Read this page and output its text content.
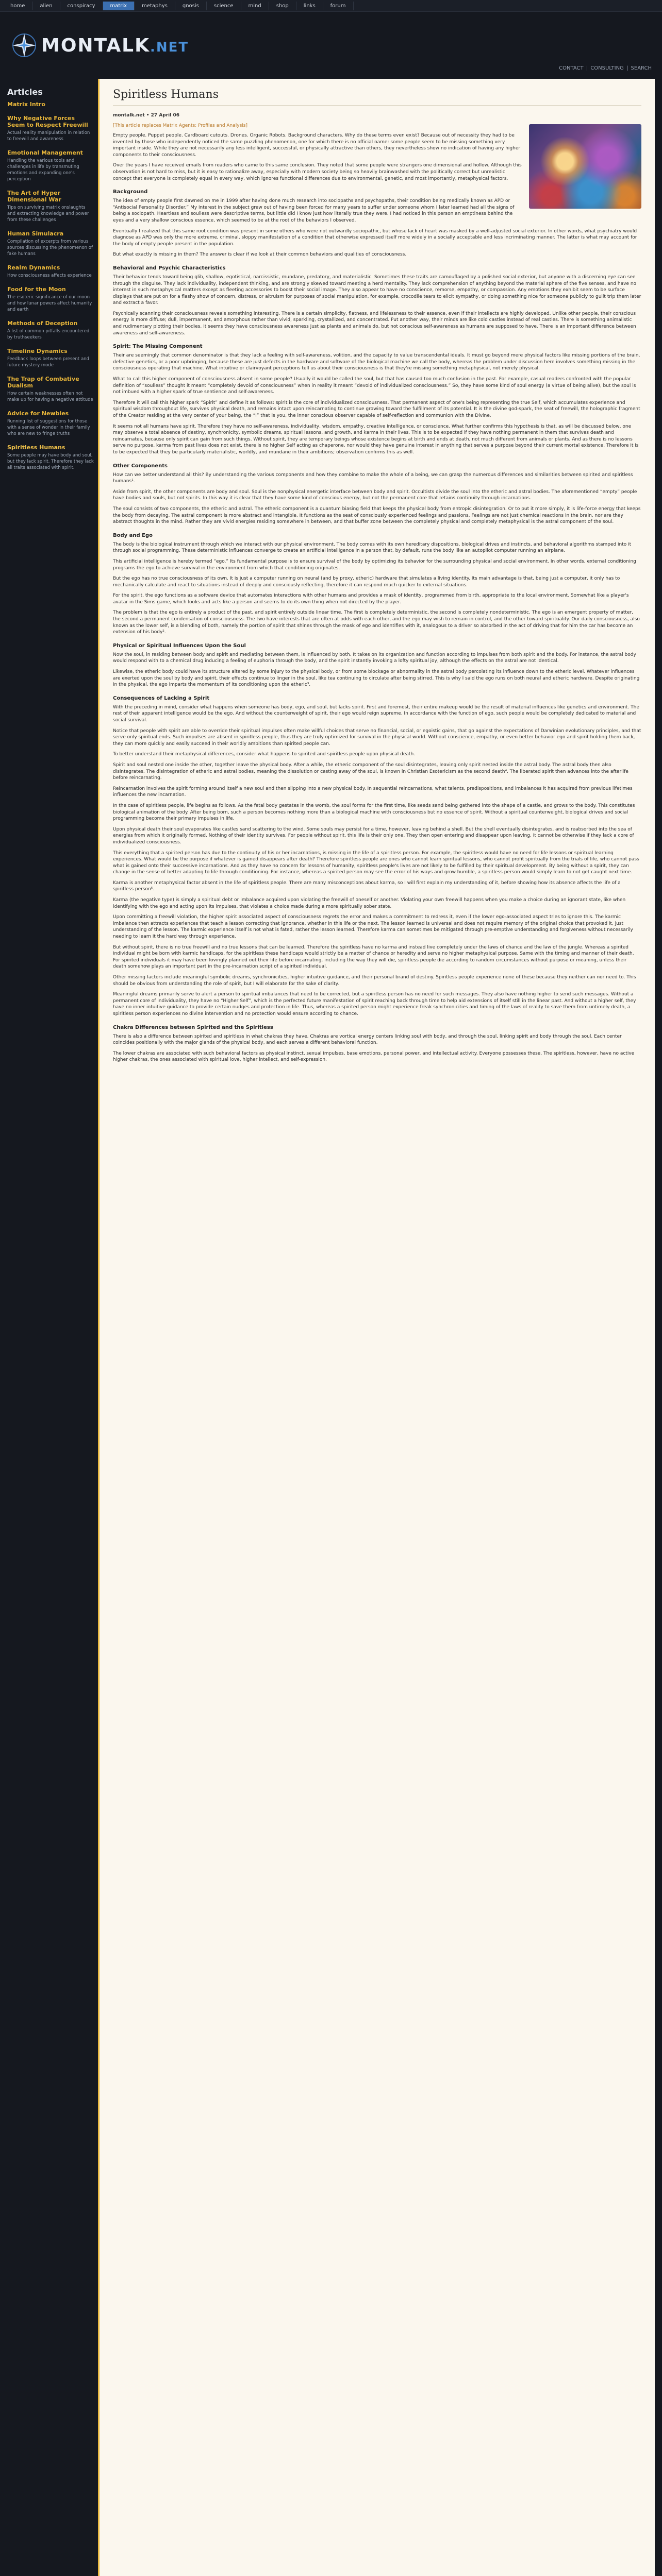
home	alien	conspiracy	matrix	metaphys	gnosis	science	mind	shop	links	forum
MONTALK.NET
CONTACT | CONSULTING | SEARCH
Articles
Matrix Intro
Why Negative Forces Seem to Respect Freewill
Actual reality manipulation in relation to freewill and awareness
Emotional Management
Handling the various tools and challenges in life by transmuting emotions and expanding one's perception
The Art of Hyper Dimensional War
Tips on surviving matrix onslaughts and extracting knowledge and power from these challenges
Human Simulacra
Compilation of excerpts from various sources discussing the phenomenon of fake humans
Realm Dynamics
How consciousness affects experience
Food for the Moon
The esoteric significance of our moon and how lunar powers affect humanity and earth
Methods of Deception
A list of common pitfalls encountered by truthseekers
Timeline Dynamics
Feedback loops between present and future mystery mode
The Trap of Combative Dualism
How certain weaknesses often not make up for having a negative attitude
Advice for Newbies
Running list of suggestions for those with a sense of wonder in their family who are new to fringe truths
Spiritless Humans
Some people may have body and soul, but they lack spirit. Therefore they lack all traits associated with spirit.
Spiritless Humans
montalk.net • 27 April 06
[This article replaces Matrix Agents: Profiles and Analysis]

Empty people. Puppet people. Cardboard cutouts. Drones. Organic Robots. Background characters. Why do these terms even exist? Because out of necessity they had to be invented by those who independently noticed the same puzzling phenomenon, one for which there is no official name: some people seem to be missing something very important inside. While they are not necessarily any less intelligent, successful, or physically attractive than others, they nevertheless show no indication of having any higher components to their consciousness.

Over the years I have received emails from readers who came to this same conclusion. They noted that some people were strangers one dimensional and hollow. Although this observation is not hard to miss, but it is easy to rationalize away, especially with modern society being so heavily brainwashed with the politically correct but unrealistic concept that everyone is completely equal in every way, which ignores functional differences due to environmental, genetic, and most importantly, metaphysical factors.

Background

The idea of empty people first dawned on me in 1999 after having done much research into sociopaths and psychopaths, their condition being medically known as APD or “Antisocial Personality Disorder.” My interest in the subject grew out of having been forced for many years to suffer under someone whom I later learned had all the signs of being a sociopath. Heartless and soulless were descriptive terms, but little did I know just how literally true they were. I had noticed in this person an emptiness behind the eyes and a very shallow conscious essence, which seemed to be at the root of the behaviors I observed.

Eventually I realized that this same root condition was present in some others who were not outwardly sociopathic, but whose lack of heart was masked by a well-adjusted social exterior. In other words, what psychiatry would diagnose as APD was only the more extreme, criminal, sloppy manifestation of a condition that otherwise expressed itself more widely in a socially acceptable and less incriminating manner. The latter is what may account for the body of empty people present in the population.

But what exactly is missing in them? The answer is clear if we look at their common behaviors and qualities of consciousness.

Behavioral and Psychic Characteristics

Their behavior tends toward being glib, shallow, egotistical, narcissistic, mundane, predatory, and materialistic. Sometimes these traits are camouflaged by a polished social exterior, but anyone with a discerning eye can see through the disguise. They lack individuality, independent thinking, and are strongly skewed toward meeting a herd mentality. They lack comprehension of anything beyond the material sphere of the five senses, and have no interest in such metaphysical matters except as fleeting accessories to boost their social image. They also appear to have no conscience, remorse, empathy, or compassion. Any emotions they exhibit seem to be surface displays that are put on for a flashy show of concern, distress, or altruism for purposes of social manipulation, for example, crocodile tears to elicit sympathy, or doing something nice for someone publicly to guilt trip them later and extract a favor.

Psychically scanning their consciousness reveals something interesting. There is a certain simplicity, flatness, and lifelessness to their essence, even if their intellects are highly developed. Unlike other people, their conscious energy is more diffuse; dull, impermanent, and amorphous rather than vivid, sparkling, crystallized, and concentrated. Put another way, their minds are like cold castles instead of real castles. There is something animalistic and rudimentary plotting their bodies. It seems they have consciousness awareness just as plants and animals do, but not conscious self-awareness as humans are supposed to have. There is an important difference between awareness and self-awareness.

Spirit: The Missing Component

Their are seemingly that common denominator is that they lack a feeling with self-awareness, volition, and the capacity to value transcendental ideals. It must go beyond mere physical factors like missing portions of the brain, defective genetics, or a poor upbringing, because these are just defects in the hardware and software of the biological machine we call the body, whereas the problem under discussion here involves something missing in the consciousness operating that machine. What intuitive or clairvoyant perceptions tell us about their consciousness is that they're missing something metaphysical, not merely physical.

What to call this higher component of consciousness absent in some people? Usually it would be called the soul, but that has caused too much confusion in the past. For example, casual readers confronted with the popular definition of “soulless” thought it meant “completely devoid of consciousness” when in reality it meant “devoid of individualized consciousness.” So, they have some kind of soul energy (a virtue of being alive), but the soul is not imbued with a higher spark of true sentience and self-awareness.

Therefore it will call this higher spark “Spirit” and define it as follows: spirit is the core of individualized consciousness. That permanent aspect of one's being representing the true Self, which accumulates experience and spiritual wisdom throughout life, survives physical death, and remains intact upon reincarnating to continue growing toward the fulfillment of its potential. It is the divine god-spark, the seat of freewill, the holographic fragment of the Creator residing at the very center of your being, the “I” that is you, the inner conscious observer capable of self-reflection and communion with the Divine.

It seems not all humans have spirit. Therefore they have no self-awareness, individuality, wisdom, empathy, creative intelligence, or conscience. What further confirms this hypothesis is that, as will be discussed below, one may observe a total absence of destiny, synchronicity, symbolic dreams, spiritual lessons, and growth, and karma in their lives. This is to be expected if they have nothing permanent in them that survives death and reincarnates, because only spirit can gain from such things. Without spirit, they are temporary beings whose existence begins at birth and ends at death, not much different from animals or plants. And as there is no lessons serve no purpose, karma from past lives does not exist, there is no higher Self acting as chaperone, nor would they have genuine interest in anything that serves a purpose beyond their current mortal existence. Therefore it is to be expected that they be particularly materialistic, worldly, and mundane in their ambitions; observation confirms this as well.

Other Components

How can we better understand all this? By understanding the various components and how they combine to make the whole of a being, we can grasp the numerous differences and similarities between spirited and spiritless humans¹.

Aside from spirit, the other components are body and soul. Soul is the nonphysical energetic interface between body and spirit. Occultists divide the soul into the etheric and astral bodies. The aforementioned “empty” people have bodies and souls, but not spirits. In this way it is clear that they have some kind of conscious energy, but not the permanent core that retains continuity through incarnations.

The soul consists of two components, the etheric and astral. The etheric component is a quantum biasing field that keeps the physical body from entropic disintegration. Or to put it more simply, it is life-force energy that keeps the body from decaying. The astral component is more abstract and intangible. It functions as the seat of consciously experienced feelings and passions. Feelings are not just chemical reactions in the brain, nor are they abstract thoughts in the mind. Rather they are vivid energies residing somewhere in between, and that buffer zone between the completely physical and completely metaphysical is the astral component of the soul.

Body and Ego

The body is the biological instrument through which we interact with our physical environment. The body comes with its own hereditary dispositions, biological drives and instincts, and behavioral algorithms stamped into it through social programming. These deterministic influences converge to create an artificial intelligence in a person that, by default, runs the body like an autopilot computer running an airplane.

This artificial intelligence is hereby termed “ego.” Its fundamental purpose is to ensure survival of the body by optimizing its behavior for the surrounding physical and social environment. In other words, external conditioning programs the ego to achieve survival in the environment from which that conditioning originates.

But the ego has no true consciousness of its own. It is just a computer running on neural (and by proxy, etheric) hardware that simulates a living identity. Its main advantage is that, being just a computer, it only has to mechanically calculate and react to situations instead of deeply and consciously reflecting, therefore it can respond much quicker to external situations.

For the spirit, the ego functions as a software device that automates interactions with other humans and provides a mask of identity, programmed from birth, appropriate to the local environment. Somewhat like a player's avatar in the Sims game, which looks and acts like a person and seems to do its own thing when not directed by the player.

The problem is that the ego is entirely a product of the past, and spirit entirely outside linear time. The first is completely deterministic, the second is completely nondeterministic. The ego is an emergent property of matter, the second a permanent condensation of consciousness. The two have interests that are often at odds with each other, and the ego may wish to remain in control, and the other toward spirituality. Our daily consciousness, also known as the lower self, is a blending of both, namely the portion of spirit that shines through the mask of ego and identifies with it, analogous to a driver so absorbed in the act of driving that for him the car has become an extension of his body².

Physical or Spiritual Influences Upon the Soul

Now the soul, in residing between body and spirit and mediating between them, is influenced by both. It takes on its organization and function according to impulses from both spirit and the body. For instance, the astral body would respond with to a chemical drug inducing a feeling of euphoria through the body, and the spirit instantly invoking a lofty spiritual joy, although the effects on the astral are not identical.

Likewise, the etheric body could have its structure altered by some injury to the physical body, or from some blockage or abnormality in the astral body percolating its influence down to the etheric level. Whatever influences are exerted upon the soul by body and spirit, their effects continue to linger in the soul, like tea continuing to circulate after being stirred. This is why I said the ego runs on both neural and etheric hardware. Despite originating in the physical, the ego imparts the momentum of its conditioning upon the etheric³.

Consequences of Lacking a Spirit

With the preceding in mind, consider what happens when someone has body, ego, and soul, but lacks spirit. First and foremost, their entire makeup would be the result of material influences like genetics and environment. The rest of their apparent intelligence would be the ego. And without the counterweight of spirit, their ego would reign supreme. In accordance with the function of ego, such people would be completely dedicated to material and social survival.

Notice that people with spirit are able to override their spiritual impulses often make willful choices that serve no financial, social, or egoistic gains, that go against the expectations of Darwinian evolutionary principles, and that serve only spiritual ends. Such impulses are absent in spiritless people, thus they are truly optimized for survival in the physical world. Without conscience, empathy, or even better behavior ego and spirit holding them back, they can more quickly and easily succeed in their worldly ambitions than spirited people can.

To better understand their metaphysical differences, consider what happens to spirited and spiritless people upon physical death.

Spirit and soul nested one inside the other, together leave the physical body. After a while, the etheric component of the soul disintegrates, leaving only spirit nested inside the astral body. The astral body then also disintegrates. The disintegration of etheric and astral bodies, meaning the dissolution or casting away of the soul, is known in Christian Esotericism as the second death⁴. The liberated spirit then advances into the afterlife before reincarnating.

Reincarnation involves the spirit forming around itself a new soul and then slipping into a new physical body. In sequential reincarnations, what talents, predispositions, and imbalances it has acquired from previous lifetimes influences the new incarnation.

In the case of spiritless people, life begins as follows. As the fetal body gestates in the womb, the soul forms for the first time, like seeds sand being gathered into the shape of a castle, and grows to the body. This constitutes biological animation of the body. After being born, such a person becomes nothing more than a biological machine with consciousness but no essence of spirit. Without a spiritual counterweight, biological drives and social programming become their primary impulses in life.

Upon physical death their soul evaporates like castles sand scattering to the wind. Some souls may persist for a time, however, leaving behind a shell. But the shell eventually disintegrates, and is reabsorbed into the sea of energies from which it originally formed. Nothing of their identity survives. For people without spirit, this life is their only one. They then open entering and disappear upon leaving. It cannot be otherwise if they lack a core of individualized consciousness.

This everything that a spirited person has due to the continuity of his or her incarnations, is missing in the life of a spiritless person. For example, the spiritless would have no need for life lessons or spiritual learning experiences. What would be the purpose if whatever is gained disappears after death? Therefore spiritless people are ones who cannot learn spiritual lessons, who cannot profit spiritually from the trials of life, who cannot pass what is gained onto their successive incarnations. And as they have no concern for lessons of humanity, spiritless people's lives are not likely to be fulfilled by their spiritual development. By being without a spirit, they can change in the sense of better adapting to life through conditioning. For instance, whereas a spirited person may see the error of his ways and grow humble, a spiritless person would simply learn to not get caught next time.

Karma is another metaphysical factor absent in the life of spiritless people. There are many misconceptions about karma, so I will first explain my understanding of it, before showing how its absence affects the life of a spiritless person⁵.

Karma (the negative type) is simply a spiritual debt or imbalance acquired upon violating the freewill of oneself or another. Violating your own freewill happens when you make a choice during an ignorant state, like when identifying with the ego and acting upon its impulses, that violates a choice made during a more spiritually sober state.

Upon committing a freewill violation, the higher spirit associated aspect of consciousness regrets the error and makes a commitment to redress it, even if the lower ego-associated aspect tries to ignore this. The karmic imbalance then attracts experiences that teach a lesson correcting that ignorance, whether in this life or the next. The lesson learned is universal and does not require memory of the original choice that provoked it, just understanding of the lesson. The karmic experience itself is not what is fated, rather the lesson learned. Therefore karma can sometimes be mitigated through pre-emptive understanding and forgiveness without necessarily needing to learn it the hard way through experience.

But without spirit, there is no true freewill and no true lessons that can be learned. Therefore the spiritless have no karma and instead live completely under the laws of chance and the law of the jungle. Whereas a spirited individual might be born with karmic handicaps, for the spiritless these handicaps would strictly be a matter of chance or heredity and serve no higher metaphysical purpose. Same with the timing and manner of their death. For spirited individuals it may have been lovingly planned out their life before incarnating, including the way they will die, spiritless people die according to random circumstances without purpose or meaning, unless their death somehow plays an important part in the pre-incarnation script of a spirited individual.

Other missing factors include meaningful symbolic dreams, synchronicities, higher intuitive guidance, and their personal brand of destiny. Spiritless people experience none of these because they neither can nor need to. This should be obvious from understanding the role of spirit, but I will elaborate for the sake of clarity.

Meaningful dreams primarily serve to alert a person to spiritual imbalances that need to be corrected, but a spiritless person has no need for such messages. They also have nothing higher to send such messages. Without a permanent core of individuality, they have no “Higher Self”, which is the perfected future manifestation of spirit reaching back through time to help aid extensions of itself still in the linear past. And without a higher self, they have no inner intuitive guidance to provide certain nudges and protection in life. Thus, whereas a spirited person might experience freak synchronicities and timing of the laws of reality to save them from untimely death, a spiritless person experiences no divine intervention and no protection would ensure according to chance.

Chakra Differences between Spirited and the Spiritless

There is also a difference between spirited and spiritless in what chakras they have. Chakras are vortical energy centers linking soul with body, and through the soul, linking spirit and body through the soul. Each center coincides positionally with the major glands of the physical body, and each serves a different behavioral function.

The lower chakras are associated with such behavioral factors as physical instinct, sexual impulses, base emotions, personal power, and intellectual activity. Everyone possesses these. The spiritless, however, have no active higher chakras, the ones associated with spiritual love, higher intellect, and self-expression.
